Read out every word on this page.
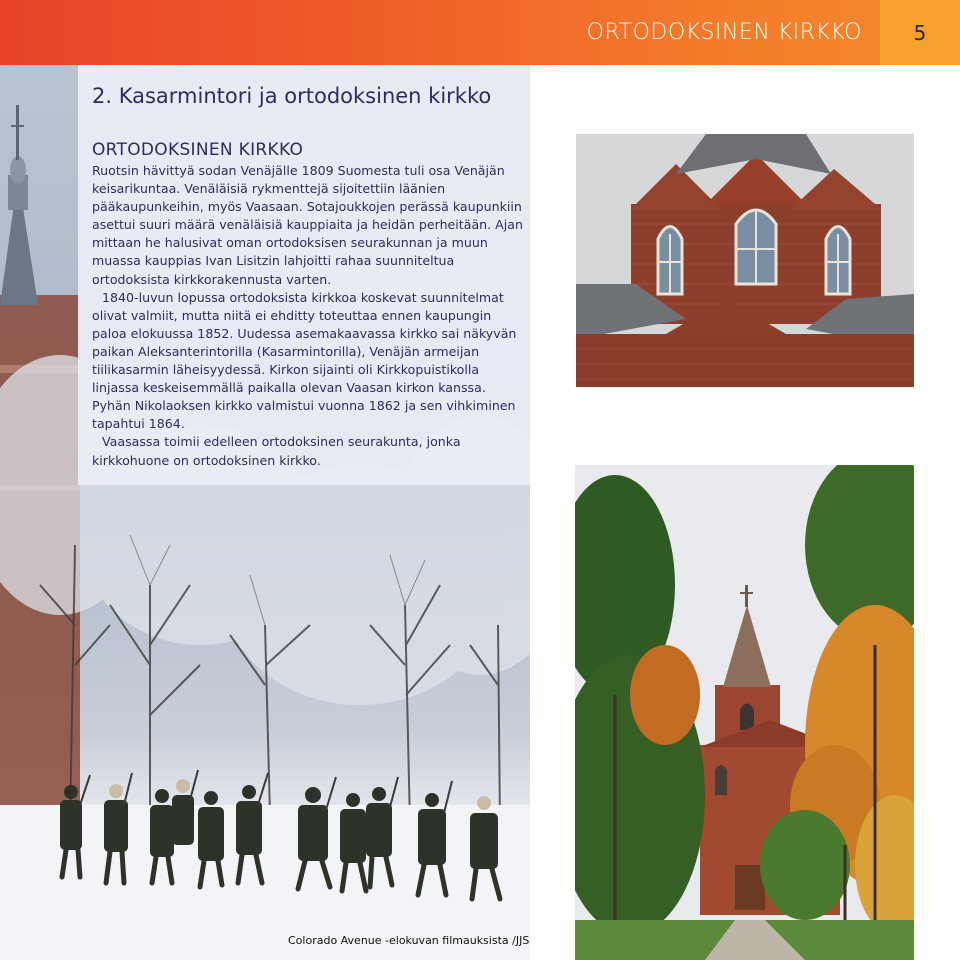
ORTODOKSINEN KIRKKO	5
2. Kasarmintori ja ortodoksinen kirkko
ORTODOKSINEN KIRKKO

Ruotsin hävittyä sodan Venäjälle 1809 Suomesta tuli osa Venäjän keisarikuntaa. Venäläisiä rykmenttejä sijoitettiin läänien pääkaupunkeihin, myös Vaasaan. Sotajoukkojen perässä kaupunkiin asettui suuri määrä venäläisiä kauppiaita ja heidän perheitään. Ajan mittaan he halusivat oman ortodoksisen seurakunnan ja muun muassa kauppias Ivan Lisitzin lahjoitti rahaa suunniteltua ortodoksista kirkkorakennusta varten.

1840-luvun lopussa ortodoksista kirkkoa koskevat suunnitelmat olivat valmiit, mutta niitä ei ehditty toteuttaa ennen kaupungin paloa elokuussa 1852. Uudessa asemakaavassa kirkko sai näkyvän paikan Aleksanterintorilla (Kasarmintorilla), Venäjän armeijan tiilikasarmin läheisyydessä. Kirkon sijainti oli Kirkkopuistikolla linjassa keskeisemmällä paikalla olevan Vaasan kirkon kanssa. Pyhän Nikolaoksen kirkko valmistui vuonna 1862 ja sen vihkiminen tapahtui 1864.

Vaasassa toimii edelleen ortodoksinen seurakunta, jonka kirkkohuone on ortodoksinen kirkko.

Colorado Avenue -elokuvan filmauksista /JJS
